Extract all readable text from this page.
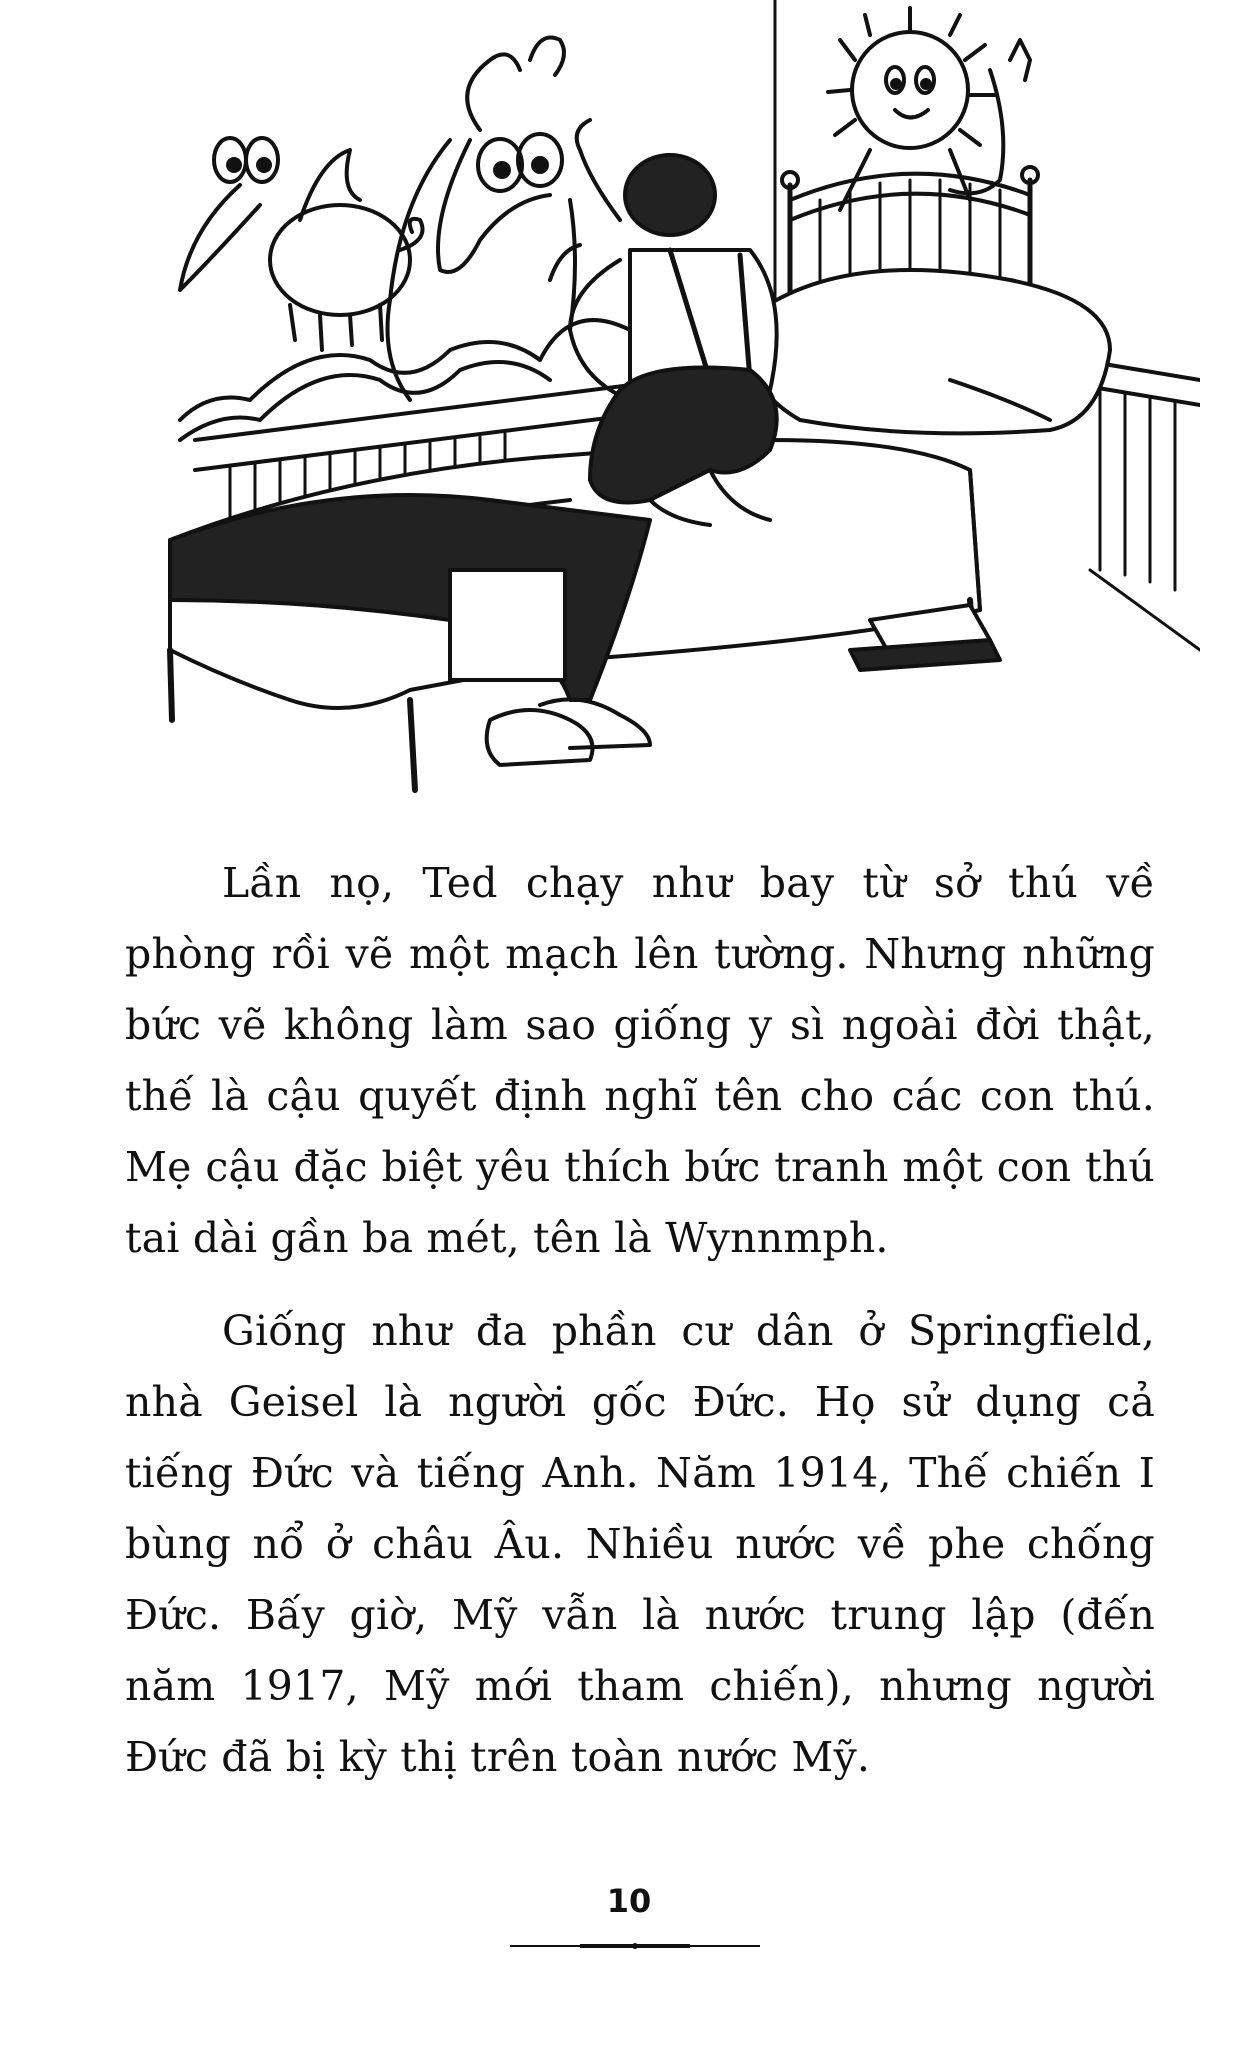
Lần nọ, Ted chạy như bay từ sở thú về phòng rồi vẽ một mạch lên tường. Nhưng những bức vẽ không làm sao giống y sì ngoài đời thật, thế là cậu quyết định nghĩ tên cho các con thú. Mẹ cậu đặc biệt yêu thích bức tranh một con thú tai dài gần ba mét, tên là Wynnmph.

Giống như đa phần cư dân ở Springfield, nhà Geisel là người gốc Đức. Họ sử dụng cả tiếng Đức và tiếng Anh. Năm 1914, Thế chiến I bùng nổ ở châu Âu. Nhiều nước về phe chống Đức. Bấy giờ, Mỹ vẫn là nước trung lập (đến năm 1917, Mỹ mới tham chiến), nhưng người Đức đã bị kỳ thị trên toàn nước Mỹ.

10
